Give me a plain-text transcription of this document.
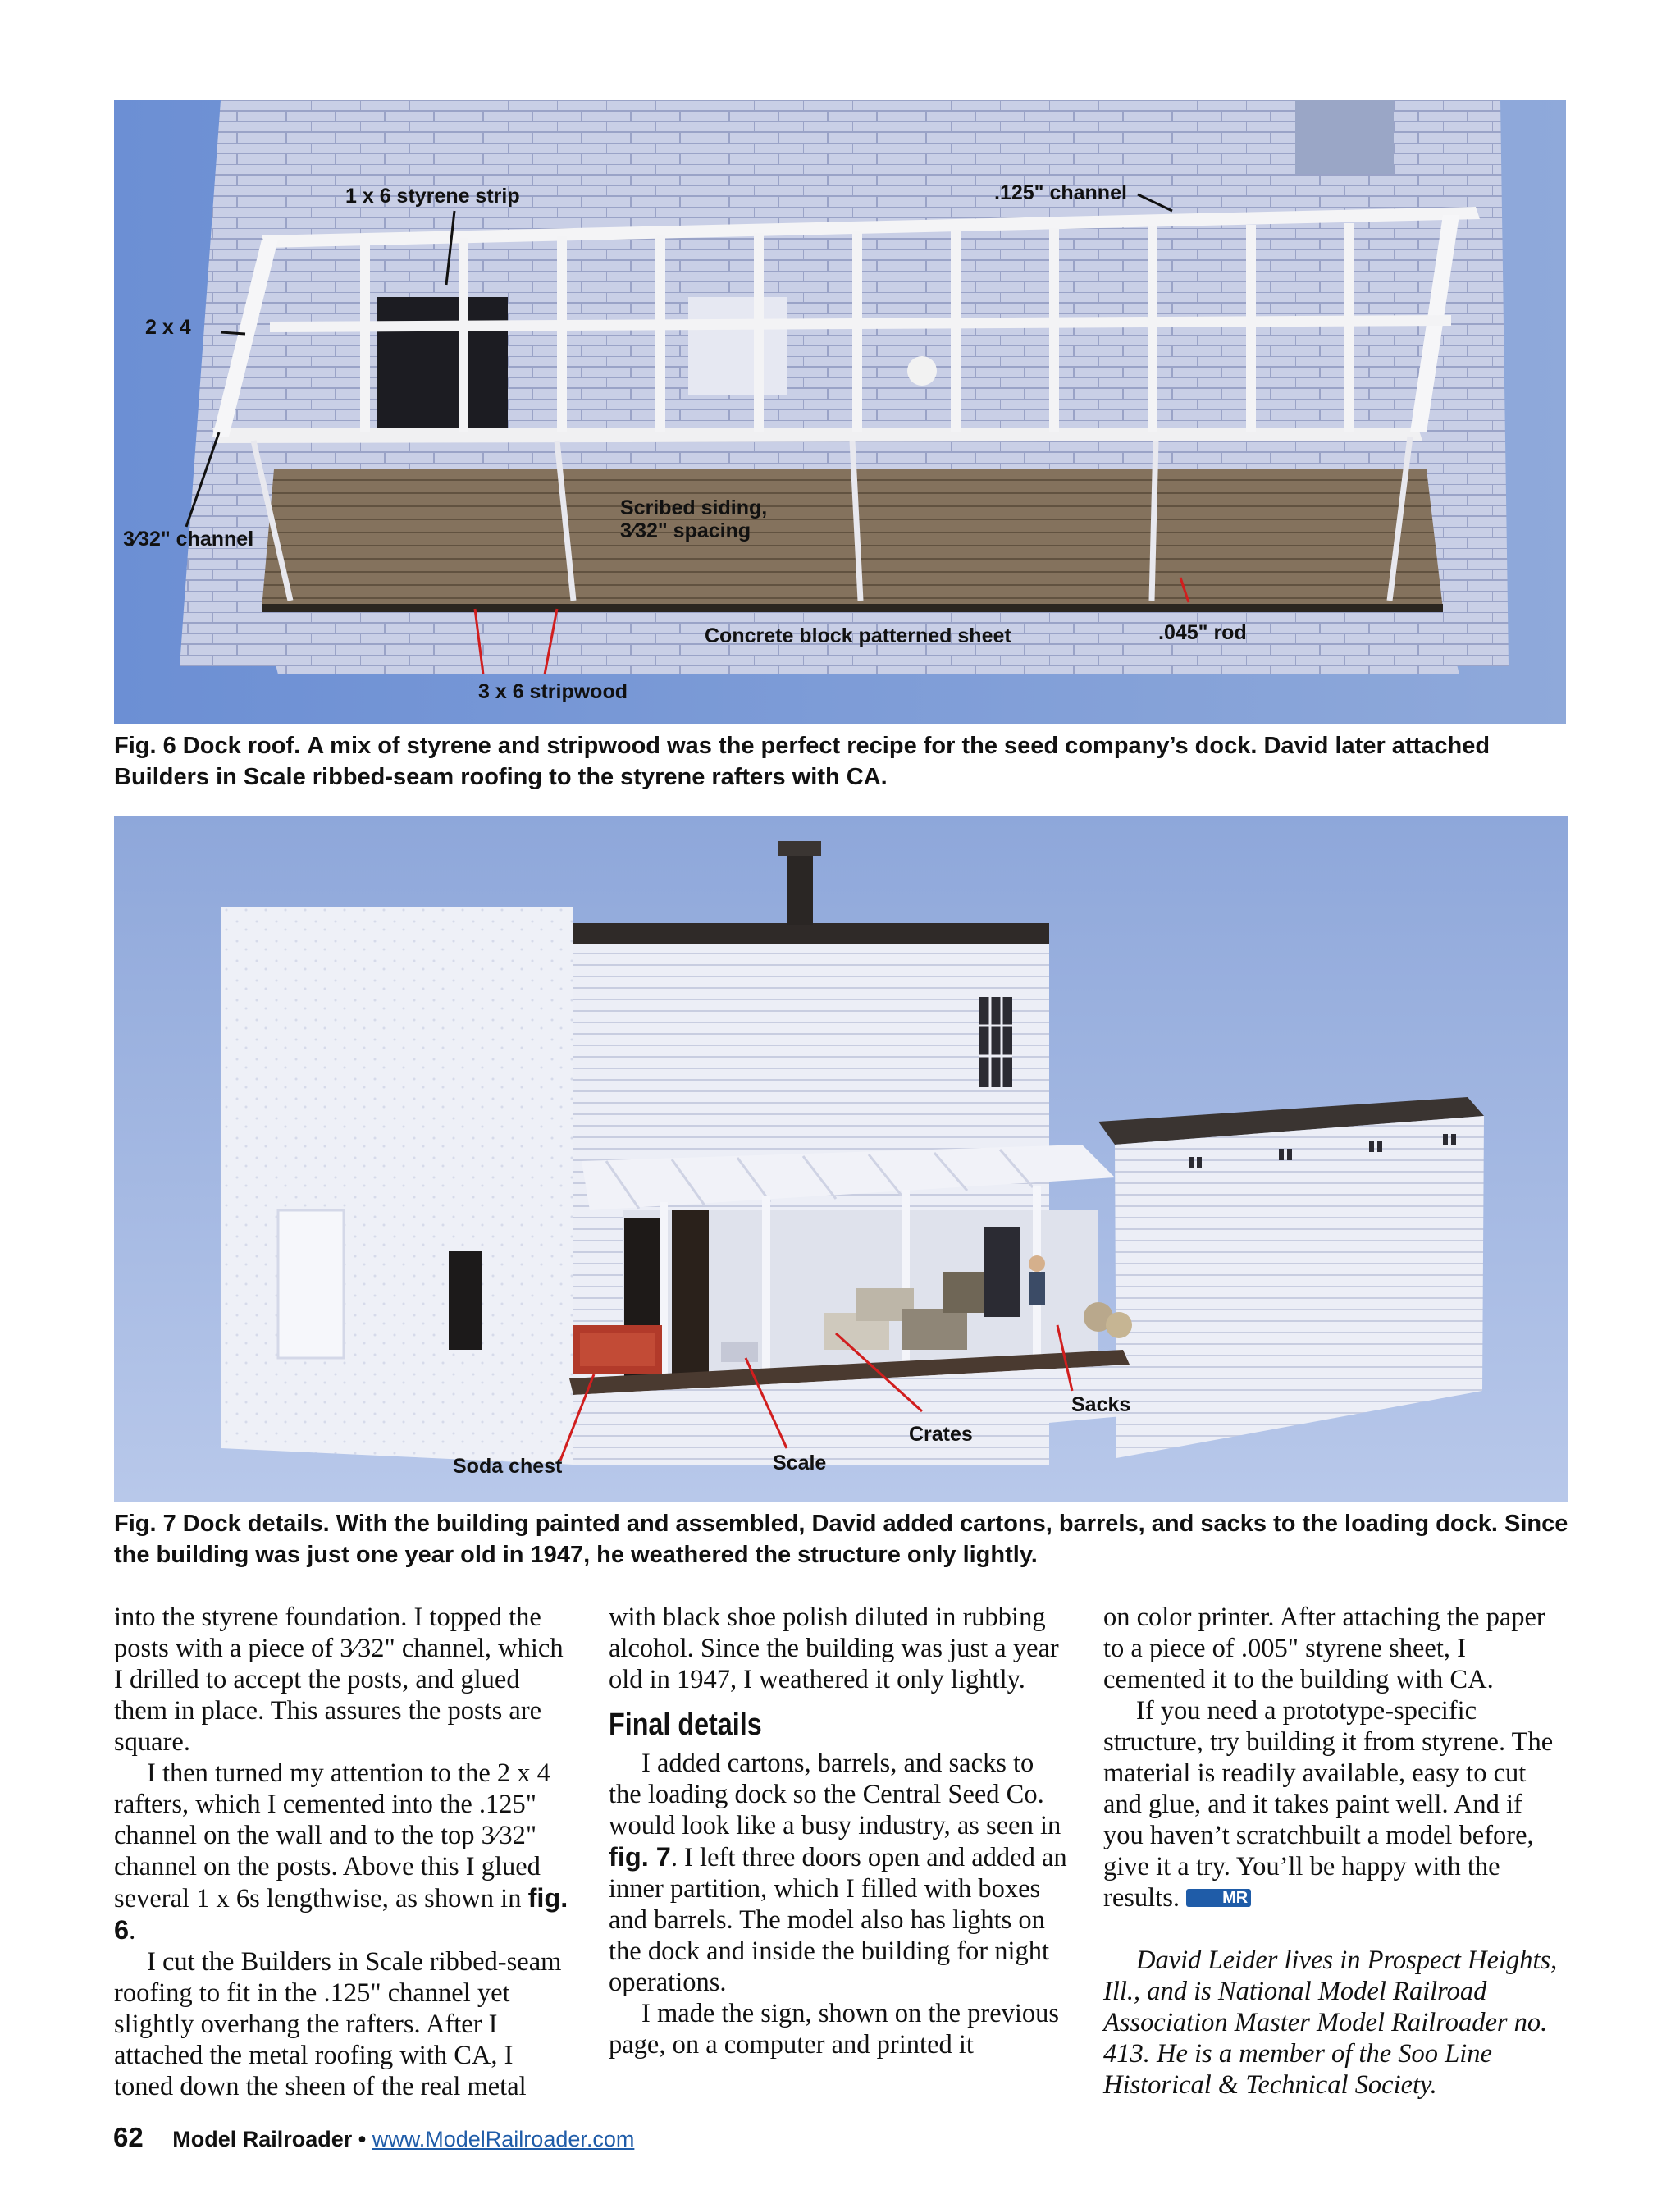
1 x 6 styrene strip	.125" channel
2 x 4
3⁄32" channel
Scribed siding,
3⁄32" spacing
Concrete block patterned sheet	.045" rod
3 x 6 stripwood
Fig. 6 Dock roof. A mix of styrene and stripwood was the perfect recipe for the seed company’s dock. David later attached Builders in Scale ribbed-seam roofing to the styrene rafters with CA.
Sacks
Crates
Scale
Soda chest
Fig. 7 Dock details. With the building painted and assembled, David added cartons, barrels, and sacks to the loading dock. Since the building was just one year old in 1947, he weathered the structure only lightly.

into the styrene foundation. I topped the posts with a piece of 3⁄32" channel, which I drilled to accept the posts, and glued them in place. This assures the posts are square.

I then turned my attention to the 2 x 4 rafters, which I cemented into the .125" channel on the wall and to the top 3⁄32" channel on the posts. Above this I glued several 1 x 6s lengthwise, as shown in fig. 6.

I cut the Builders in Scale ribbed-seam roofing to fit in the .125" channel yet slightly overhang the rafters. After I attached the metal roofing with CA, I toned down the sheen of the real metal

with black shoe polish diluted in rubbing alcohol. Since the building was just a year old in 1947, I weathered it only lightly.

Final details

I added cartons, barrels, and sacks to the loading dock so the Central Seed Co. would look like a busy industry, as seen in fig. 7. I left three doors open and added an inner partition, which I filled with boxes and barrels. The model also has lights on the dock and inside the building for night operations.

I made the sign, shown on the previous page, on a computer and printed it

on color printer. After attaching the paper to a piece of .005" styrene sheet, I cemented it to the building with CA.

If you need a prototype-specific structure, try building it from styrene. The material is readily available, easy to cut and glue, and it takes paint well. And if you haven’t scratchbuilt a model before, give it a try. You’ll be happy with the results.	MR

David Leider lives in Prospect Heights, Ill., and is National Model Railroad Association Master Model Railroader no. 413. He is a member of the Soo Line Historical & Technical Society.

62 Model Railroader • www.ModelRailroader.com
